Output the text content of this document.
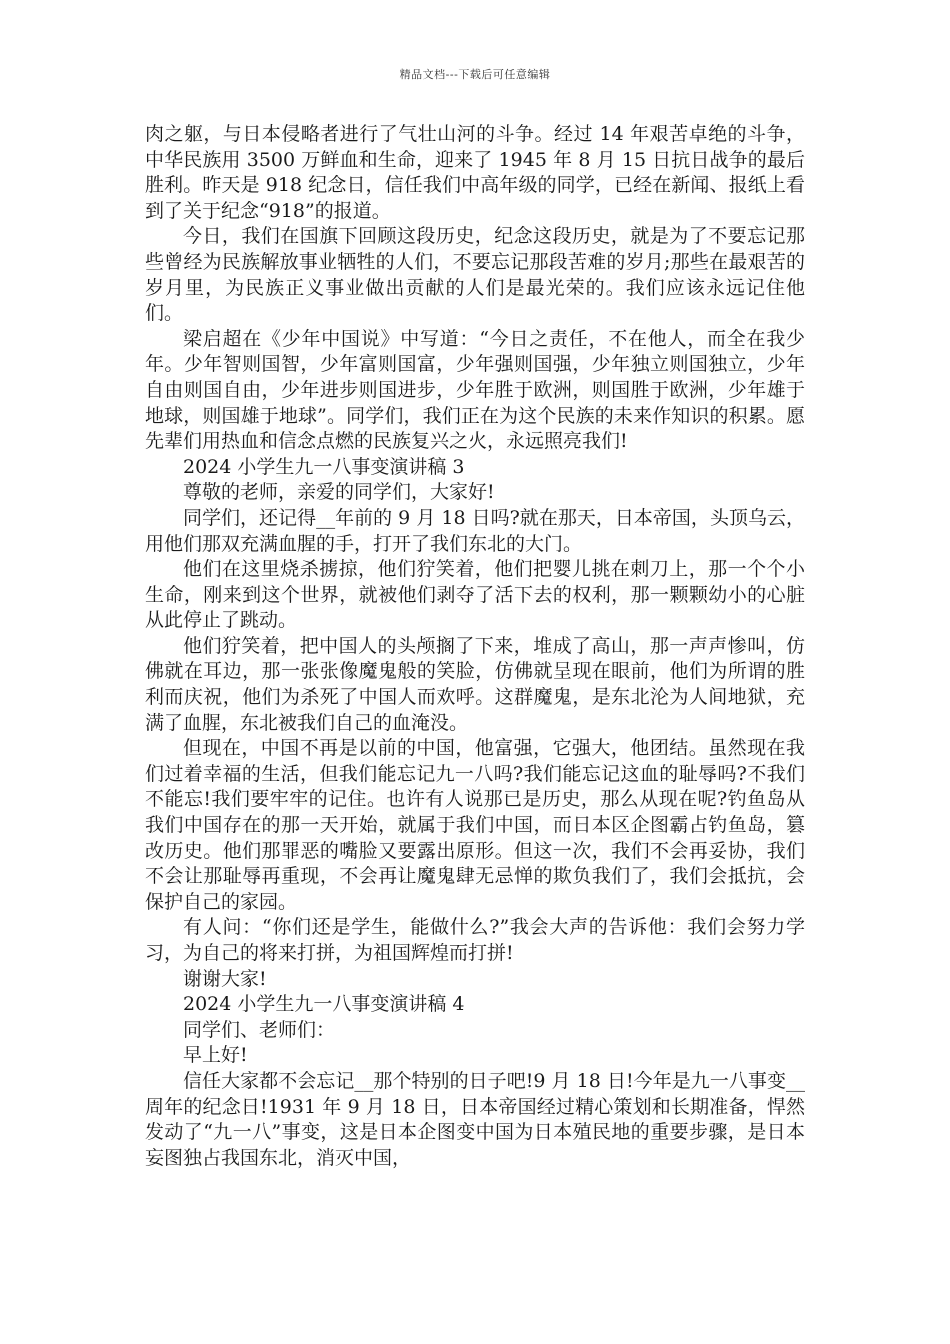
精品文档---下载后可任意编辑

肉之躯，与日本侵略者进行了气壮山河的斗争。经过 14 年艰苦卓绝的斗争，中华民族用 3500 万鲜血和生命，迎来了 1945 年 8 月 15 日抗日战争的最后胜利。昨天是 918 纪念日，信任我们中高年级的同学，已经在新闻、报纸上看到了关于纪念“918”的报道。

今日，我们在国旗下回顾这段历史，纪念这段历史，就是为了不要忘记那些曾经为民族解放事业牺牲的人们，不要忘记那段苦难的岁月;那些在最艰苦的岁月里，为民族正义事业做出贡献的人们是最光荣的。我们应该永远记住他们。

梁启超在《少年中国说》中写道：“今日之责任，不在他人，而全在我少年。少年智则国智，少年富则国富，少年强则国强，少年独立则国独立，少年自由则国自由，少年进步则国进步，少年胜于欧洲，则国胜于欧洲，少年雄于地球，则国雄于地球”。同学们，我们正在为这个民族的未来作知识的积累。愿先辈们用热血和信念点燃的民族复兴之火，永远照亮我们!

2024 小学生九一八事变演讲稿 3

尊敬的老师，亲爱的同学们，大家好!

同学们，还记得__年前的 9 月 18 日吗?就在那天，日本帝国，头顶乌云，用他们那双充满血腥的手，打开了我们东北的大门。

他们在这里烧杀掳掠，他们狞笑着，他们把婴儿挑在刺刀上，那一个个小生命，刚来到这个世界，就被他们剥夺了活下去的权利，那一颗颗幼小的心脏从此停止了跳动。

他们狞笑着，把中国人的头颅搁了下来，堆成了高山，那一声声惨叫，仿佛就在耳边，那一张张像魔鬼般的笑脸，仿佛就呈现在眼前，他们为所谓的胜利而庆祝，他们为杀死了中国人而欢呼。这群魔鬼，是东北沦为人间地狱，充满了血腥，东北被我们自己的血淹没。

但现在，中国不再是以前的中国，他富强，它强大，他团结。虽然现在我们过着幸福的生活，但我们能忘记九一八吗?我们能忘记这血的耻辱吗?不我们不能忘!我们要牢牢的记住。也许有人说那已是历史，那么从现在呢?钓鱼岛从我们中国存在的那一天开始，就属于我们中国，而日本区企图霸占钓鱼岛，篡改历史。他们那罪恶的嘴脸又要露出原形。但这一次，我们不会再妥协，我们不会让那耻辱再重现，不会再让魔鬼肆无忌惮的欺负我们了，我们会抵抗，会保护自己的家园。

有人问：“你们还是学生，能做什么?”我会大声的告诉他：我们会努力学习，为自己的将来打拼，为祖国辉煌而打拼!

谢谢大家!

2024 小学生九一八事变演讲稿 4

同学们、老师们：

早上好!

信任大家都不会忘记__那个特别的日子吧!9 月 18 日!今年是九一八事变__周年的纪念日!1931 年 9 月 18 日，日本帝国经过精心策划和长期准备，悍然发动了“九一八”事变，这是日本企图变中国为日本殖民地的重要步骤，是日本妄图独占我国东北，消灭中国，
